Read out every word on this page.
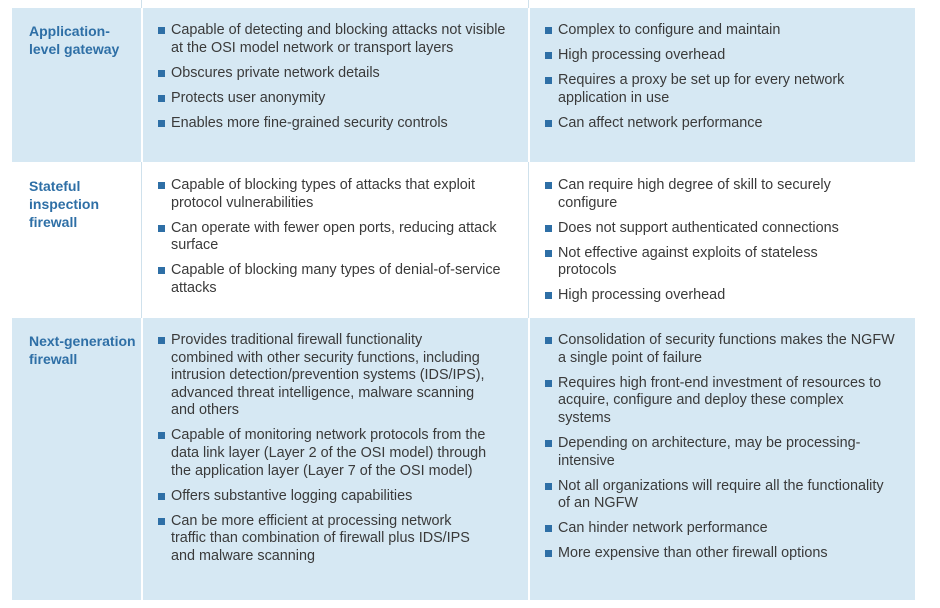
Application-level gateway
Capable of detecting and blocking attacks not visible at the OSI model network or transport layers
Obscures private network details
Protects user anonymity
Enables more fine-grained security controls
Complex to configure and maintain
High processing overhead
Requires a proxy be set up for every network application in use
Can affect network performance
Stateful inspection firewall
Capable of blocking types of attacks that exploit protocol vulnerabilities
Can operate with fewer open ports, reducing attack surface
Capable of blocking many types of denial-of-service attacks
Can require high degree of skill to securely configure
Does not support authenticated connections
Not effective against exploits of stateless protocols
High processing overhead
Next-generation firewall
Provides traditional firewall functionality combined with other security functions, including intrusion detection/prevention systems (IDS/IPS), advanced threat intelligence, malware scanning and others
Capable of monitoring network protocols from the data link layer (Layer 2 of the OSI model) through the application layer (Layer 7 of the OSI model)
Offers substantive logging capabilities
Can be more efficient at processing network traffic than combination of firewall plus IDS/IPS and malware scanning
Consolidation of security functions makes the NGFW a single point of failure
Requires high front-end investment of resources to acquire, configure and deploy these complex systems
Depending on architecture, may be processing-intensive
Not all organizations will require all the functionality of an NGFW
Can hinder network performance
More expensive than other firewall options
